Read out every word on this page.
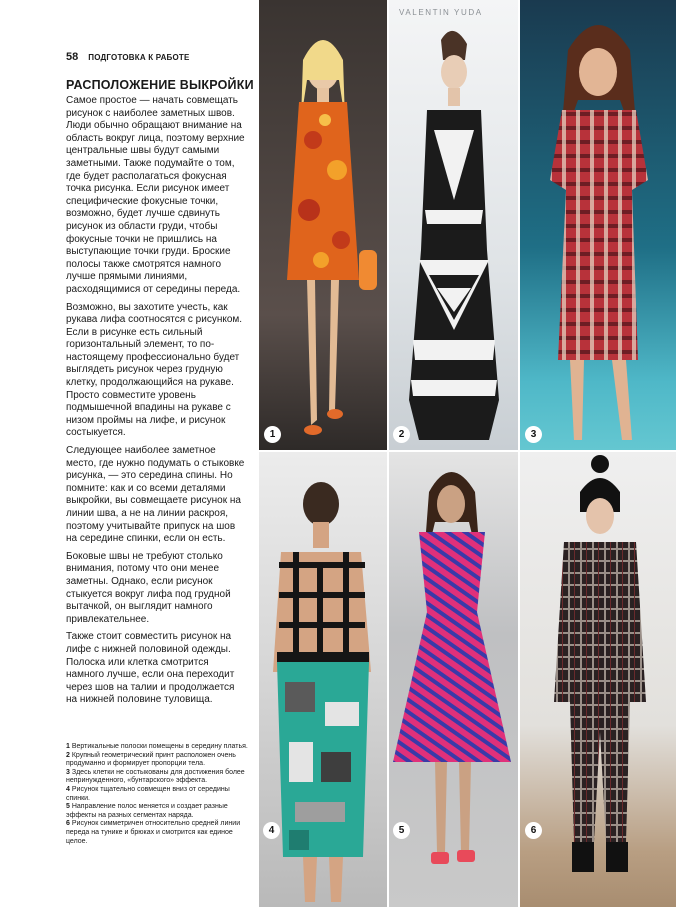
58 ПОДГОТОВКА К РАБОТЕ
РАСПОЛОЖЕНИЕ ВЫКРОЙКИ

Самое простое — начать совмещать рисунок с наиболее заметных швов. Люди обычно обращают внимание на область вокруг лица, поэтому верхние центральные швы будут самыми заметными. Также подумайте о том, где будет располагаться фокусная точка рисунка. Если рисунок имеет специфические фокусные точки, возможно, будет лучше сдвинуть рисунок из области груди, чтобы фокусные точки не пришлись на выступающие точки груди. Броские полосы также смотрятся намного лучше прямыми линиями, расходящимися от середины переда.

Возможно, вы захотите учесть, как рукава лифа соотносятся с рисунком. Если в рисунке есть сильный горизонтальный элемент, то по-настоящему профессионально будет выглядеть рисунок через грудную клетку, продолжающийся на рукаве. Просто совместите уровень подмышечной впадины на рукаве с низом проймы на лифе, и рисунок состыкуется.

Следующее наиболее заметное место, где нужно подумать о стыковке рисунка, — это середина спины. Но помните: как и со всеми деталями выкройки, вы совмещаете рисунок на линии шва, а не на линии раскроя, поэтому учитывайте припуск на шов на середине спинки, если он есть.

Боковые швы не требуют столько внимания, потому что они менее заметны. Однако, если рисунок стыкуется вокруг лифа под грудной вытачкой, он выглядит намного привлекательнее.

Также стоит совместить рисунок на лифе с нижней половиной одежды. Полоска или клетка смотрится намного лучше, если она переходит через шов на талии и продолжается на нижней половине туловища.

1 Вертикальные полоски помещены в середину платья.

2 Крупный геометрический принт расположен очень продуманно и формирует пропорции тела.

3 Здесь клетки не состыкованы для достижения более непринужденного, «бунтарского» эффекта.

4 Рисунок тщательно совмещен вниз от середины спинки.

5 Направление полос меняется и создает разные эффекты на разных сегментах наряда.

6 Рисунок симметричен относительно средней линии переда на тунике и брюках и смотрится как единое целое.

1
VALENTIN YUDA
2	3
4	5	6
